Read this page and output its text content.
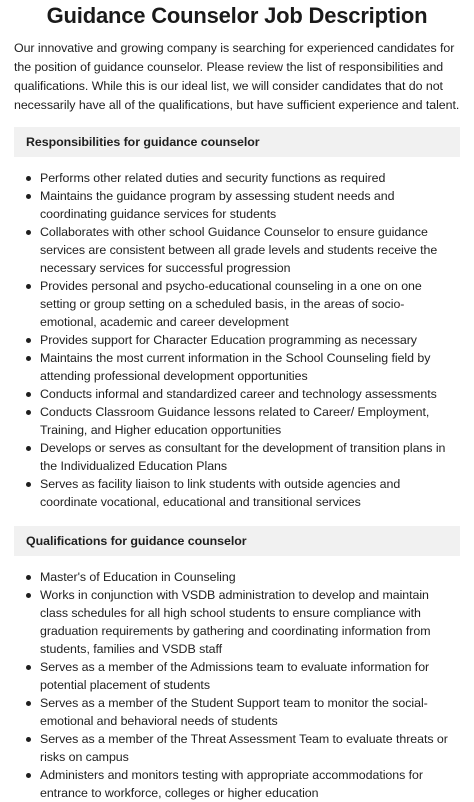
Guidance Counselor Job Description

Our innovative and growing company is searching for experienced candidates for the position of guidance counselor. Please review the list of responsibilities and qualifications. While this is our ideal list, we will consider candidates that do not necessarily have all of the qualifications, but have sufficient experience and talent.

Responsibilities for guidance counselor
Performs other related duties and security functions as required
Maintains the guidance program by assessing student needs and coordinating guidance services for students
Collaborates with other school Guidance Counselor to ensure guidance services are consistent between all grade levels and students receive the necessary services for successful progression
Provides personal and psycho-educational counseling in a one on one setting or group setting on a scheduled basis, in the areas of socio-emotional, academic and career development
Provides support for Character Education programming as necessary
Maintains the most current information in the School Counseling field by attending professional development opportunities
Conducts informal and standardized career and technology assessments
Conducts Classroom Guidance lessons related to Career/ Employment, Training, and Higher education opportunities
Develops or serves as consultant for the development of transition plans in the Individualized Education Plans
Serves as facility liaison to link students with outside agencies and coordinate vocational, educational and transitional services
Qualifications for guidance counselor
Master's of Education in Counseling
Works in conjunction with VSDB administration to develop and maintain class schedules for all high school students to ensure compliance with graduation requirements by gathering and coordinating information from students, families and VSDB staff
Serves as a member of the Admissions team to evaluate information for potential placement of students
Serves as a member of the Student Support team to monitor the social-emotional and behavioral needs of students
Serves as a member of the Threat Assessment Team to evaluate threats or risks on campus
Administers and monitors testing with appropriate accommodations for entrance to workforce, colleges or higher education
